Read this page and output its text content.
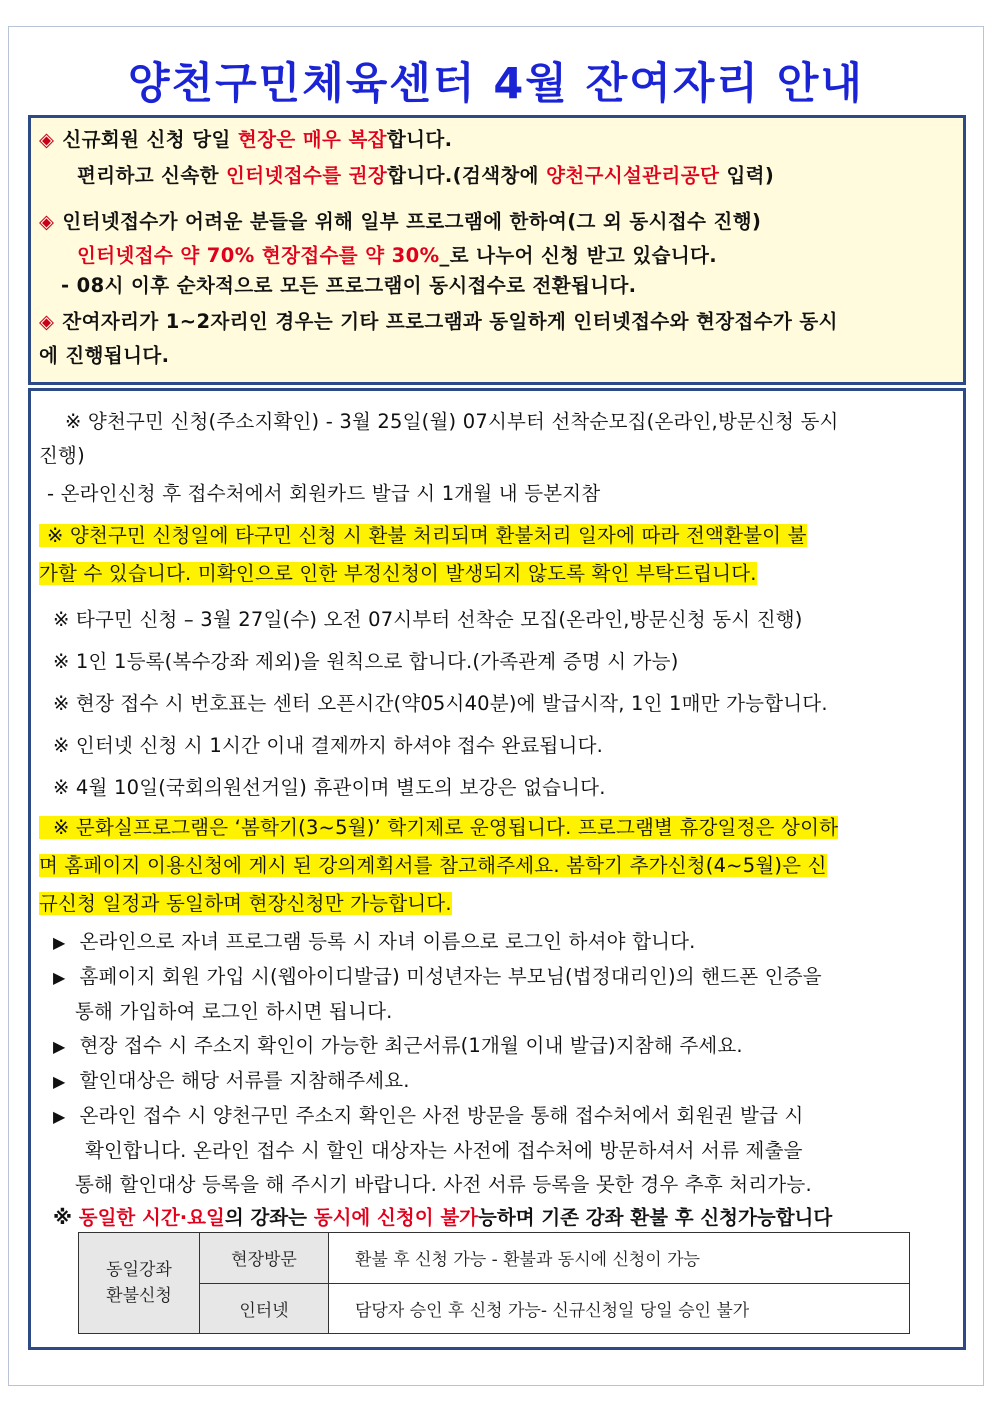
양천구민체육센터 4월 잔여자리 안내
◈ 신규회원 신청 당일 현장은 매우 복잡합니다.
편리하고 신속한 인터넷접수를 권장합니다.(검색창에 양천구시설관리공단 입력)
◈ 인터넷접수가 어려운 분들을 위해 일부 프로그램에 한하여(그 외 동시접수 진행)
인터넷접수 약 70% 현장접수를 약 30%_로 나누어 신청 받고 있습니다.
- 08시 이후 순차적으로 모든 프로그램이 동시접수로 전환됩니다.
◈ 잔여자리가 1~2자리인 경우는 기타 프로그램과 동일하게 인터넷접수와 현장접수가 동시
에 진행됩니다.
※ 양천구민 신청(주소지확인) - 3월 25일(월) 07시부터 선착순모집(온라인,방문신청 동시
진행)
- 온라인신청 후 접수처에서 회원카드 발급 시 1개월 내 등본지참
※ 양천구민 신청일에 타구민 신청 시 환불 처리되며 환불처리 일자에 따라 전액환불이 불
가할 수 있습니다. 미확인으로 인한 부정신청이 발생되지 않도록 확인 부탁드립니다.
※ 타구민 신청 – 3월 27일(수) 오전 07시부터 선착순 모집(온라인,방문신청 동시 진행)
※ 1인 1등록(복수강좌 제외)을 원칙으로 합니다.(가족관계 증명 시 가능)
※ 현장 접수 시 번호표는 센터 오픈시간(약05시40분)에 발급시작, 1인 1매만 가능합니다.
※ 인터넷 신청 시 1시간 이내 결제까지 하셔야 접수 완료됩니다.
※ 4월 10일(국회의원선거일) 휴관이며 별도의 보강은 없습니다.
※ 문화실프로그램은 ‘봄학기(3~5월)’ 학기제로 운영됩니다. 프로그램별 휴강일정은 상이하
며 홈페이지 이용신청에 게시 된 강의계획서를 참고해주세요. 봄학기 추가신청(4~5월)은 신
규신청 일정과 동일하며 현장신청만 가능합니다.
▶ 온라인으로 자녀 프로그램 등록 시 자녀 이름으로 로그인 하셔야 합니다.
▶ 홈페이지 회원 가입 시(웹아이디발급) 미성년자는 부모님(법정대리인)의 핸드폰 인증을
통해 가입하여 로그인 하시면 됩니다.
▶ 현장 접수 시 주소지 확인이 가능한 최근서류(1개월 이내 발급)지참해 주세요.
▶ 할인대상은 해당 서류를 지참해주세요.
▶ 온라인 접수 시 양천구민 주소지 확인은 사전 방문을 통해 접수처에서 회원권 발급 시
확인합니다. 온라인 접수 시 할인 대상자는 사전에 접수처에 방문하셔서 서류 제출을
통해 할인대상 등록을 해 주시기 바랍니다. 사전 서류 등록을 못한 경우 추후 처리가능.
※ 동일한 시간·요일의 강좌는 동시에 신청이 불가능하며 기존 강좌 환불 후 신청가능합니다
동일강좌
환불신청	현장방문	환불 후 신청 가능 - 환불과 동시에 신청이 가능
	인터넷	담당자 승인 후 신청 가능- 신규신청일 당일 승인 불가
